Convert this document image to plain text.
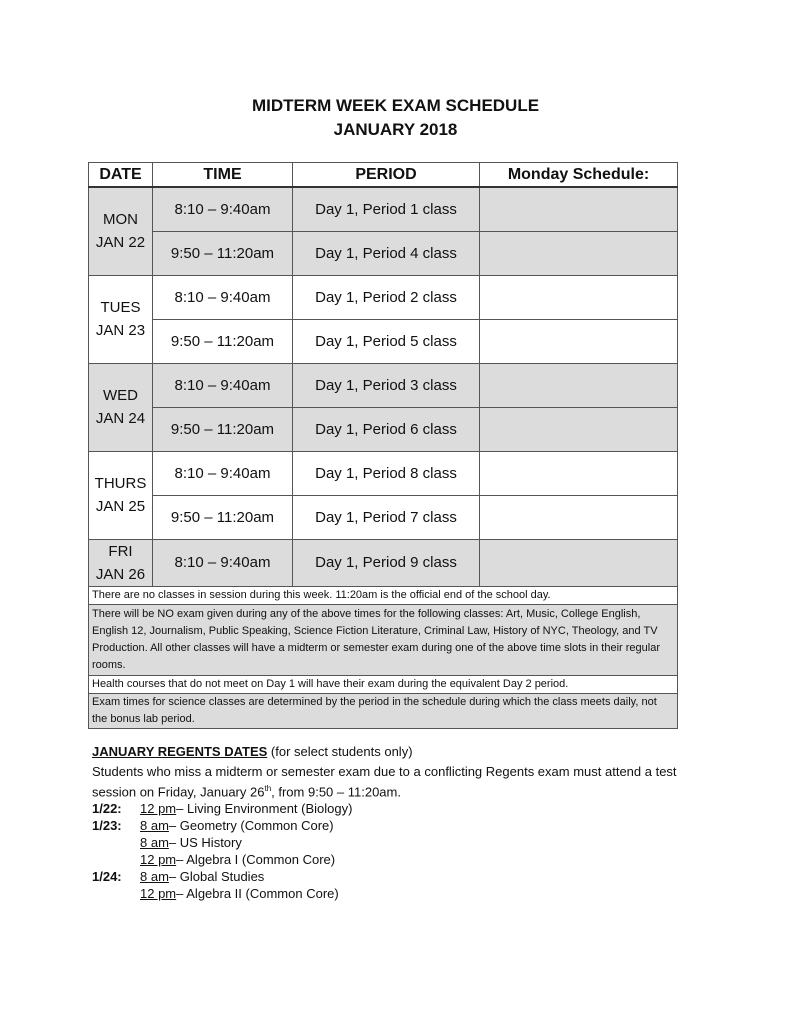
MIDTERM WEEK EXAM SCHEDULE
JANUARY 2018
DATE	TIME	PERIOD	Monday Schedule:

MON
JAN 22	8:10 – 9:40am	Day 1, Period 1 class	
	9:50 – 11:20am	Day 1, Period 4 class	

TUES
JAN 23	8:10 – 9:40am	Day 1, Period 2 class	
	9:50 – 11:20am	Day 1, Period 5 class	

WED
JAN 24	8:10 – 9:40am	Day 1, Period 3 class	
	9:50 – 11:20am	Day 1, Period 6 class	

THURS
JAN 25	8:10 – 9:40am	Day 1, Period 8 class	
	9:50 – 11:20am	Day 1, Period 7 class	

FRI
JAN 26	8:10 – 9:40am	Day 1, Period 9 class	
There are no classes in session during this week. 11:20am is the official end of the school day.			
There will be NO exam given during any of the above times for the following classes: Art, Music, College English, English 12, Journalism, Public Speaking, Science Fiction Literature, Criminal Law, History of NYC, Theology, and TV Production. All other classes will have a midterm or semester exam during one of the above time slots in their regular rooms.			
Health courses that do not meet on Day 1 will have their exam during the equivalent Day 2 period.			
Exam times for science classes are determined by the period in the schedule during which the class meets daily, not the bonus lab period.			
JANUARY REGENTS DATES (for select students only)
Students who miss a midterm or semester exam due to a conflicting Regents exam must attend a test session on Friday, January 26th, from 9:50 – 11:20am.
1/22:	12 pm – Living Environment (Biology)
1/23:	8 am – Geometry (Common Core)
8 am – US History
12 pm – Algebra I (Common Core)
1/24:	8 am – Global Studies
12 pm – Algebra II (Common Core)
